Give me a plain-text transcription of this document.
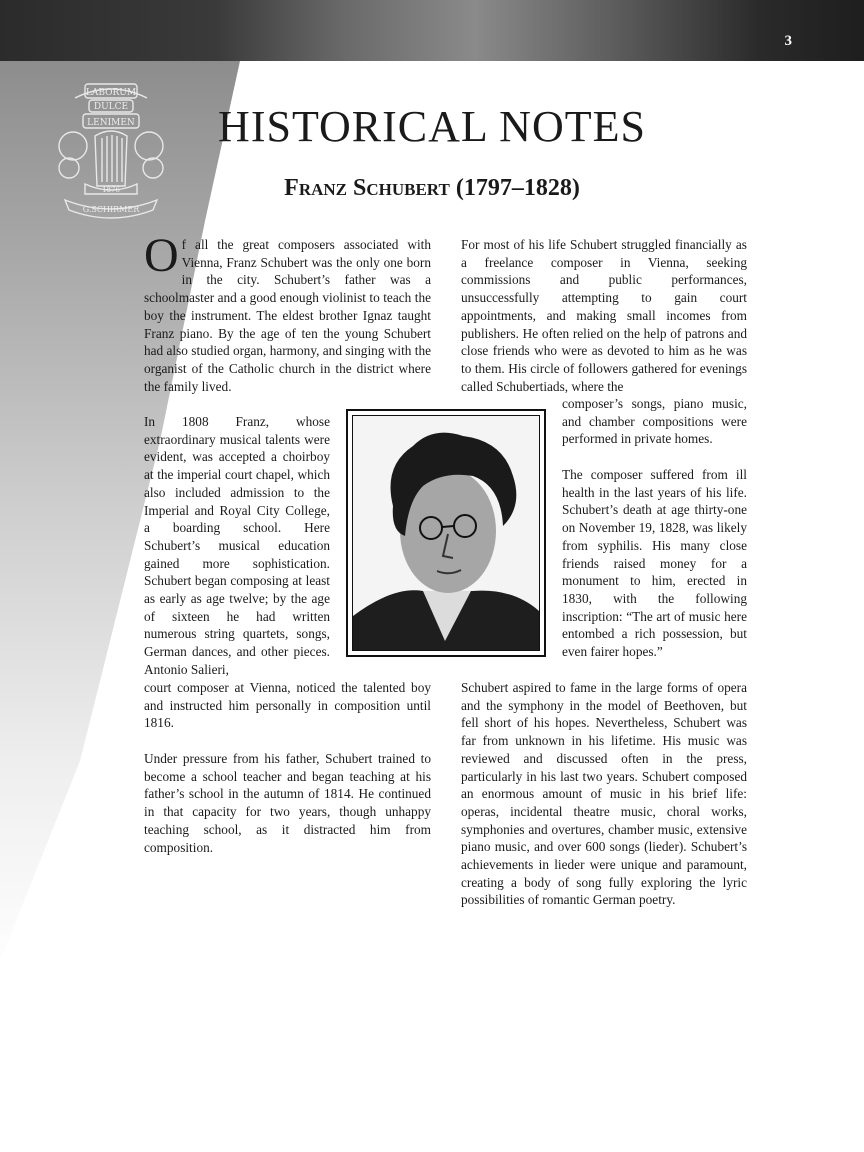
3
LABORUM
DULCE
LENIMEN
1876
G.SCHIRMER
HISTORICAL NOTES
Franz Schubert (1797–1828)

Of all the great composers associated with Vienna, Franz Schubert was the only one born in the city. Schubert’s father was a schoolmaster and a good enough violinist to teach the boy the instrument. The eldest brother Ignaz taught Franz piano. By the age of ten the young Schubert had also studied organ, harmony, and singing with the organist of the Catholic church in the district where the family lived.

In 1808 Franz, whose extraordinary musical talents were evident, was accepted a choirboy at the imperial court chapel, which also included admission to the Imperial and Royal City College, a boarding school. Here Schubert’s musical education gained more sophistication. Schubert began composing at least as early as age twelve; by the age of sixteen he had written numerous string quartets, songs, German dances, and other pieces. Antonio Salieri,

court composer at Vienna, noticed the talented boy and instructed him personally in composition until 1816.

Under pressure from his father, Schubert trained to become a school teacher and began teaching at his father’s school in the autumn of 1814. He continued in that capacity for two years, though unhappy teaching school, as it distracted him from composition.

For most of his life Schubert struggled financially as a freelance composer in Vienna, seeking commissions and public performances, unsuccessfully attempting to gain court appointments, and making small incomes from publishers. He often relied on the help of patrons and close friends who were as devoted to him as he was to them. His circle of followers gathered for evenings called Schubertiads, where the

composer’s songs, piano music, and chamber compositions were performed in private homes.

The composer suffered from ill health in the last years of his life. Schubert’s death at age thirty-one on November 19, 1828, was likely from syphilis. His many close friends raised money for a monument to him, erected in 1830, with the following inscription: “The art of music here entombed a rich possession, but even fairer hopes.”

Schubert aspired to fame in the large forms of opera and the symphony in the model of Beethoven, but fell short of his hopes. Nevertheless, Schubert was far from unknown in his lifetime. His music was reviewed and discussed often in the press, particularly in his last two years. Schubert composed an enormous amount of music in his brief life: operas, incidental theatre music, choral works, symphonies and overtures, chamber music, extensive piano music, and over 600 songs (lieder). Schubert’s achievements in lieder were unique and paramount, creating a body of song fully exploring the lyric possibilities of romantic German poetry.
